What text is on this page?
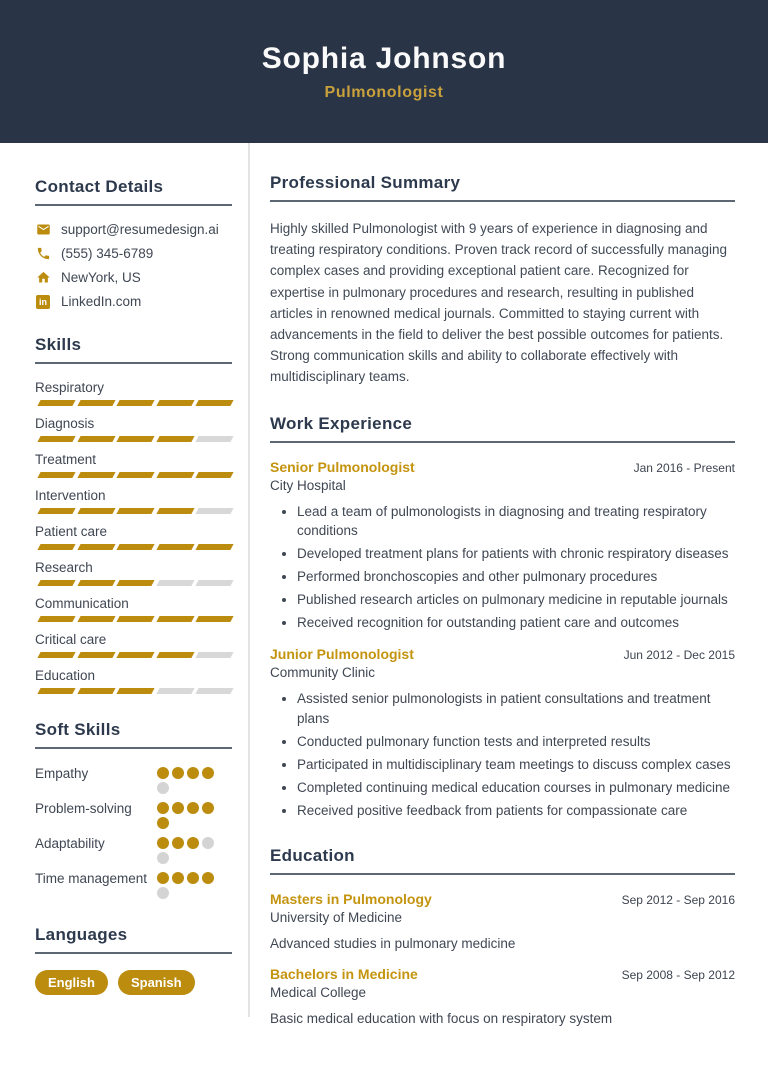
Sophia Johnson
Pulmonologist
Contact Details
support@resumedesign.ai
(555) 345-6789
NewYork, US
in LinkedIn.com
Skills
Respiratory
Diagnosis
Treatment
Intervention
Patient care
Research
Communication
Critical care
Education
Soft Skills
Empathy
Problem-solving
Adaptability
Time management
Languages
English	Spanish
Professional Summary

Highly skilled Pulmonologist with 9 years of experience in diagnosing and treating respiratory conditions. Proven track record of successfully managing complex cases and providing exceptional patient care. Recognized for expertise in pulmonary procedures and research, resulting in published articles in renowned medical journals. Committed to staying current with advancements in the field to deliver the best possible outcomes for patients. Strong communication skills and ability to collaborate effectively with multidisciplinary teams.

Work Experience
Senior Pulmonologist	Jan 2016 - Present
City Hospital
• Lead a team of pulmonologists in diagnosing and treating respiratory conditions
• Developed treatment plans for patients with chronic respiratory diseases
• Performed bronchoscopies and other pulmonary procedures
• Published research articles on pulmonary medicine in reputable journals
• Received recognition for outstanding patient care and outcomes
Junior Pulmonologist	Jun 2012 - Dec 2015
Community Clinic
• Assisted senior pulmonologists in patient consultations and treatment plans
• Conducted pulmonary function tests and interpreted results
• Participated in multidisciplinary team meetings to discuss complex cases
• Completed continuing medical education courses in pulmonary medicine
• Received positive feedback from patients for compassionate care
Education
Masters in Pulmonology	Sep 2012 - Sep 2016
University of Medicine
Advanced studies in pulmonary medicine
Bachelors in Medicine	Sep 2008 - Sep 2012
Medical College
Basic medical education with focus on respiratory system
